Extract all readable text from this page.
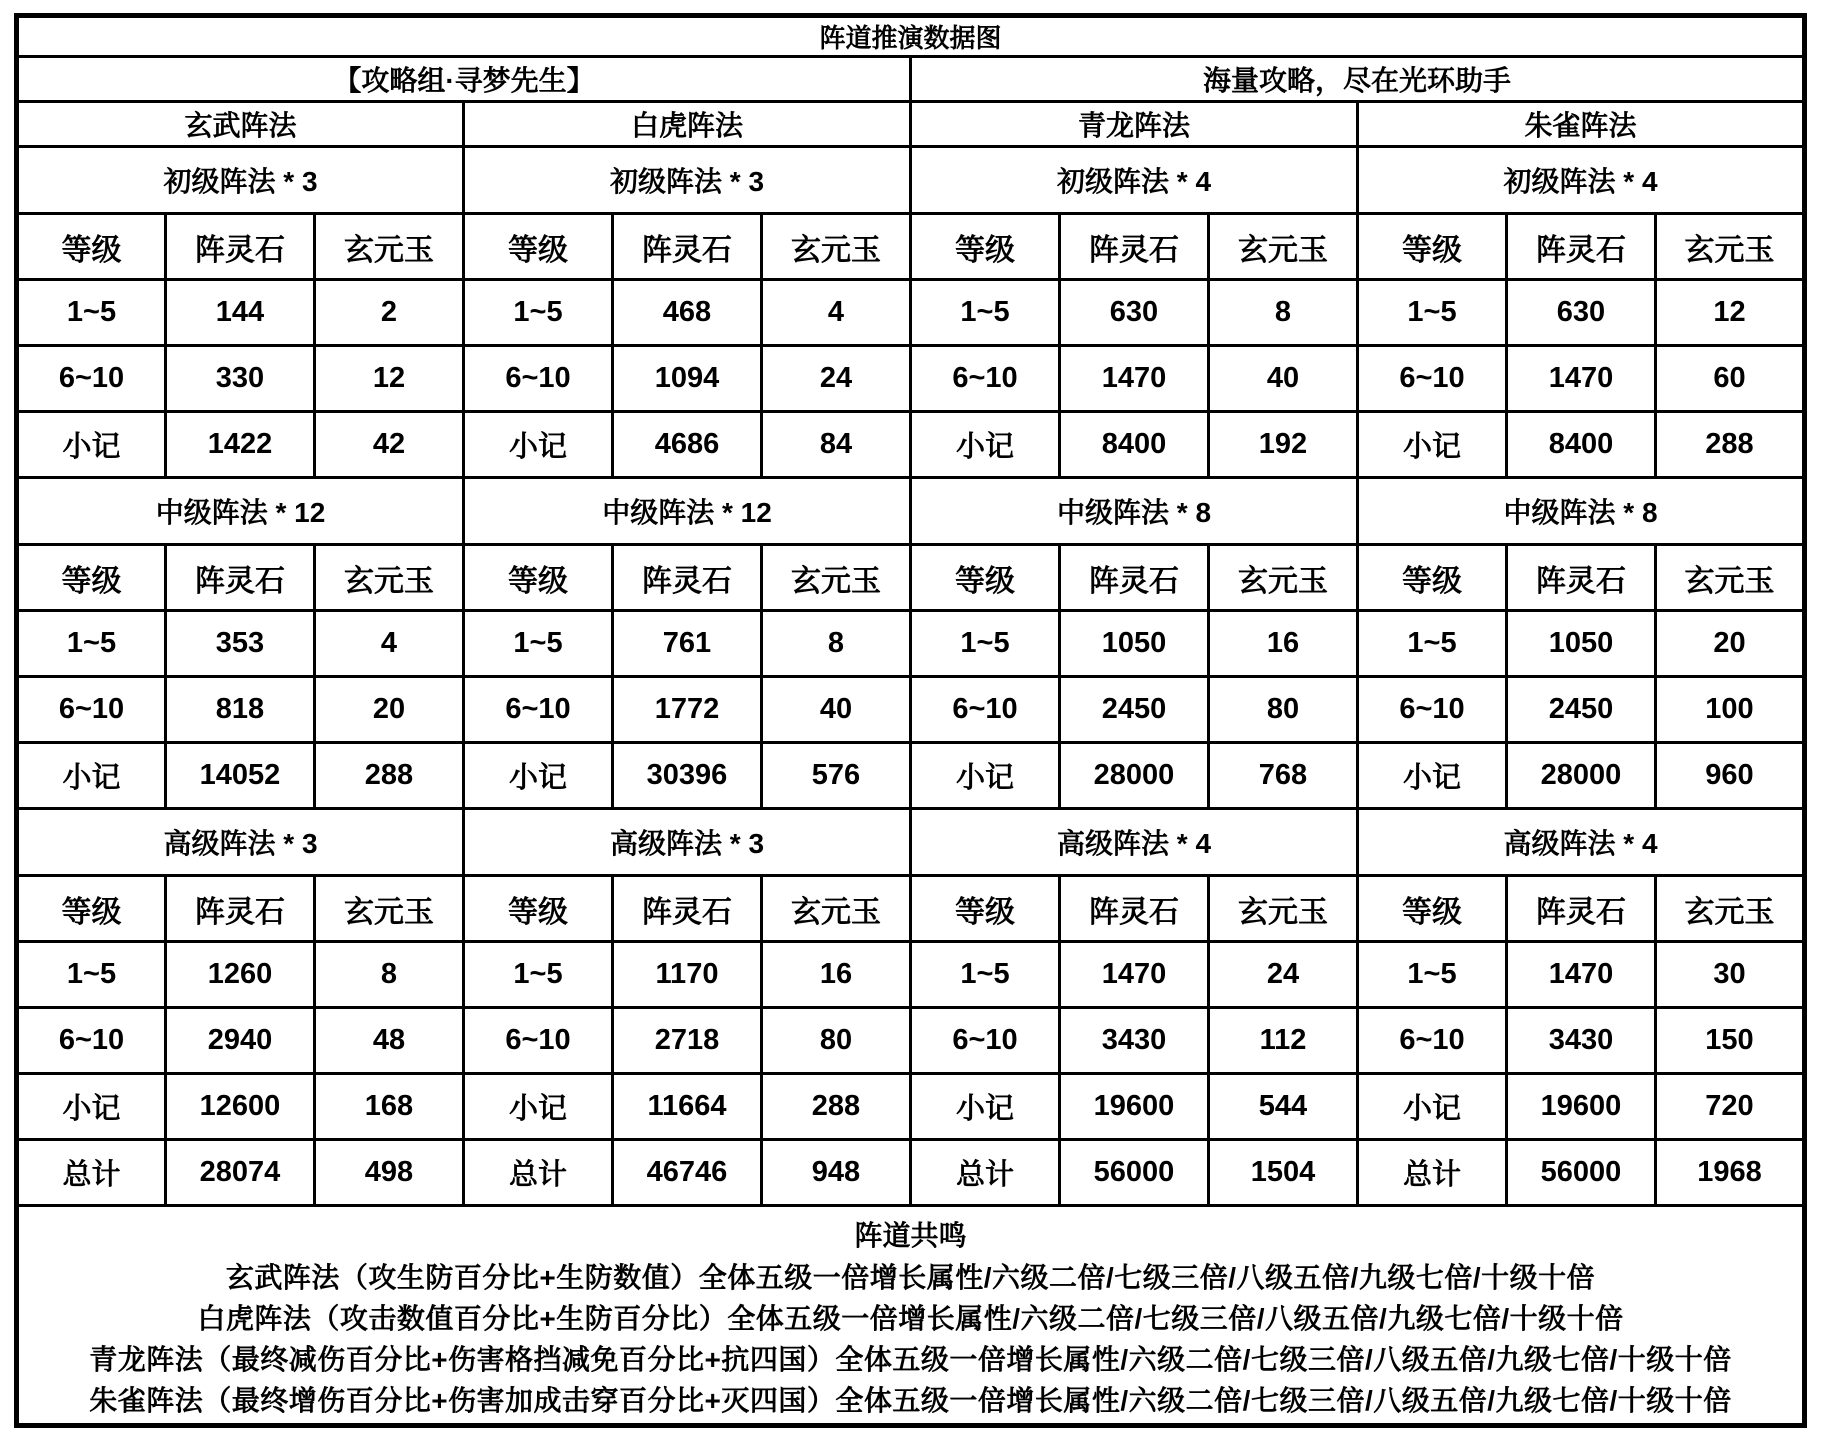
阵道推演数据图											
【攻略组·寻梦先生】						海量攻略，尽在光环助手					
玄武阵法			白虎阵法			青龙阵法			朱雀阵法		
初级阵法 * 3			初级阵法 * 3			初级阵法 * 4			初级阵法 * 4		
等级	阵灵石	玄元玉	等级	阵灵石	玄元玉	等级	阵灵石	玄元玉	等级	阵灵石	玄元玉
1~5	144	2	1~5	468	4	1~5	630	8	1~5	630	12
6~10	330	12	6~10	1094	24	6~10	1470	40	6~10	1470	60
小记	1422	42	小记	4686	84	小记	8400	192	小记	8400	288
中级阵法 * 12			中级阵法 * 12			中级阵法 * 8			中级阵法 * 8		
等级	阵灵石	玄元玉	等级	阵灵石	玄元玉	等级	阵灵石	玄元玉	等级	阵灵石	玄元玉
1~5	353	4	1~5	761	8	1~5	1050	16	1~5	1050	20
6~10	818	20	6~10	1772	40	6~10	2450	80	6~10	2450	100
小记	14052	288	小记	30396	576	小记	28000	768	小记	28000	960
高级阵法 * 3			高级阵法 * 3			高级阵法 * 4			高级阵法 * 4		
等级	阵灵石	玄元玉	等级	阵灵石	玄元玉	等级	阵灵石	玄元玉	等级	阵灵石	玄元玉
1~5	1260	8	1~5	1170	16	1~5	1470	24	1~5	1470	30
6~10	2940	48	6~10	2718	80	6~10	3430	112	6~10	3430	150
小记	12600	168	小记	11664	288	小记	19600	544	小记	19600	720
总计	28074	498	总计	46746	948	总计	56000	1504	总计	56000	1968

阵道共鸣
玄武阵法（攻生防百分比+生防数值）全体五级一倍增长属性/六级二倍/七级三倍/八级五倍/九级七倍/十级十倍
白虎阵法（攻击数值百分比+生防百分比）全体五级一倍增长属性/六级二倍/七级三倍/八级五倍/九级七倍/十级十倍
青龙阵法（最终减伤百分比+伤害格挡减免百分比+抗四国）全体五级一倍增长属性/六级二倍/七级三倍/八级五倍/九级七倍/十级十倍
朱雀阵法（最终增伤百分比+伤害加成击穿百分比+灭四国）全体五级一倍增长属性/六级二倍/七级三倍/八级五倍/九级七倍/十级十倍											
